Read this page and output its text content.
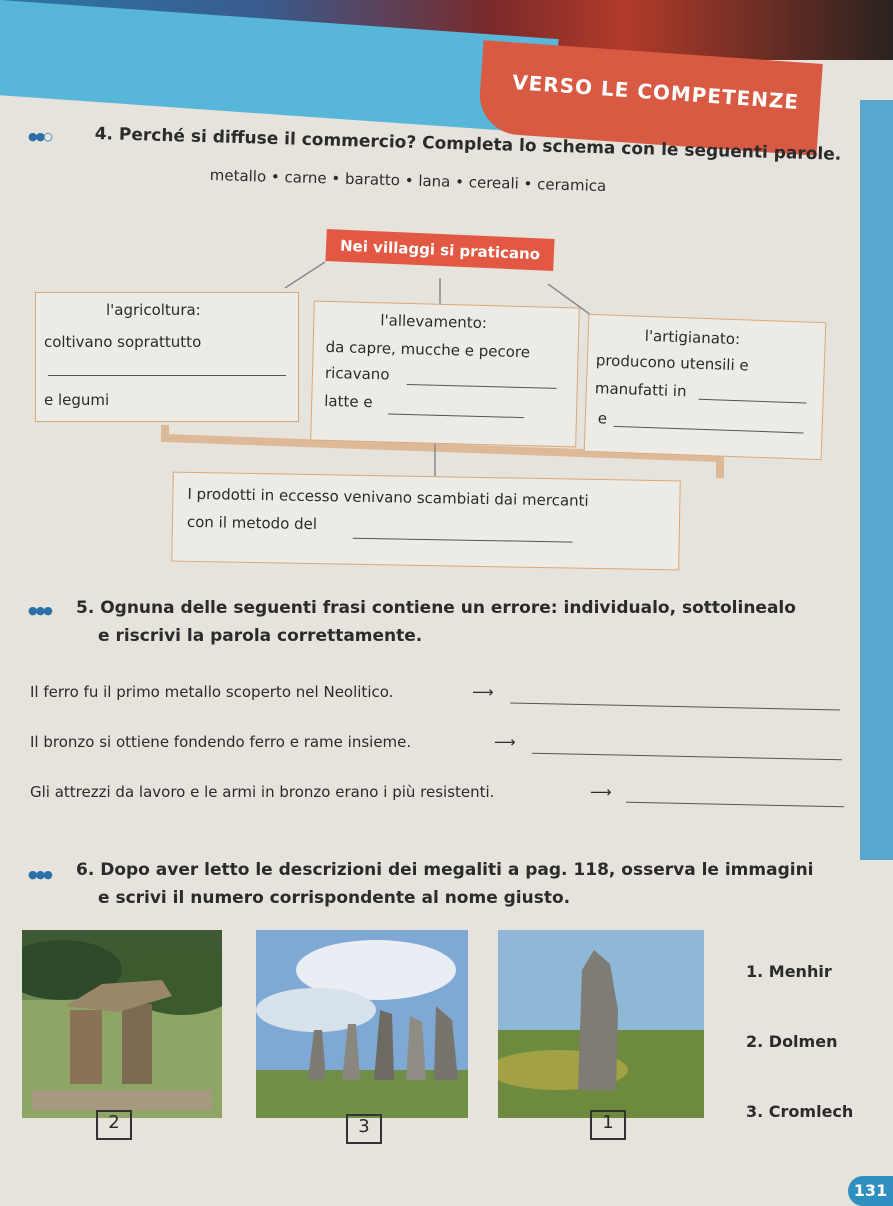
VERSO LE COMPETENZE
●●○	4. Perché si diffuse il commercio? Completa lo schema con le seguenti parole.
metallo • carne • baratto • lana • cereali • ceramica
Nei villaggi si praticano
l'agricoltura:
coltivano soprattutto
e legumi
l'allevamento:
da capre, mucche e pecore
ricavano
latte e
l'artigianato:
producono utensili e
manufatti in
e
I prodotti in eccesso venivano scambiati dai mercanti
con il metodo del
●●● 5. Ognuna delle seguenti frasi contiene un errore: individualo, sottolinealo
e riscrivi la parola correttamente.
Il ferro fu il primo metallo scoperto nel Neolitico.	⟶
Il bronzo si ottiene fondendo ferro e rame insieme.	⟶
Gli attrezzi da lavoro e le armi in bronzo erano i più resistenti.	⟶
●●● 6. Dopo aver letto le descrizioni dei megaliti a pag. 118, osserva le immagini
e scrivi il numero corrispondente al nome giusto.
2	3	1
1. Menhir
2. Dolmen
3. Cromlech
131
